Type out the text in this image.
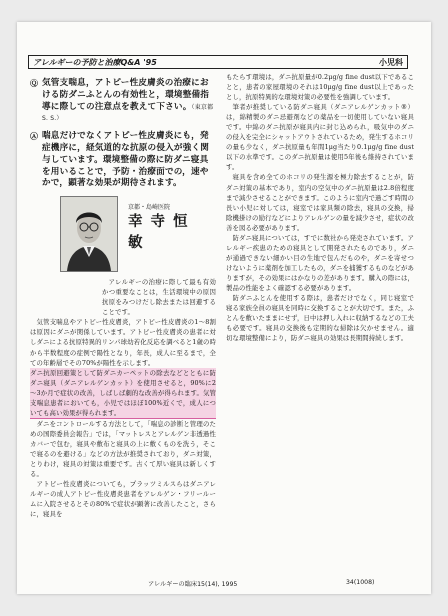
アレルギーの予防と治療Q&A '95	小児科
Ⓠ 気管支喘息，アトピー性皮膚炎の治療における防ダニふとんの有効性と，環境整備指導に際しての注意点を教えて下さい。（東京都　S. S.）
Ⓐ 喘息だけでなくアトピー性皮膚炎にも，発症機序に，経気道的な抗原の侵入が強く関与しています。環境整備の際に防ダニ寝具を用いることで，予防・治療面での，速やかで，顕著な効果が期待されます。
京都・島崎医院
幸寺恒敏

アレルギーの治療に際して最も有効かつ重要なことは，生活環境中の原因抗原をみつけだし除去または回避することです。

気管支喘息やアトピー性皮膚炎，アトピー性皮膚炎の1～8割は原因にダニが関係しています。アトピー性皮膚炎の患者に対しダニによる抗原特異的リンパ球幼若化反応を調べると1歳の時から半数程度の症例で陽性となり，年長，成人に至るまで，全ての年齢層でその70%が陽性を示します。

ダニ抗原回避策として防ダニカーペットの除去などとともに防ダニ寝具（ダニアレルゲンカット）を使用させると，90%に2～3か月で症状の改善，しばしば劇的な改善が得られます。気管支喘息患者においても，小児ではほぼ100%近くで，成人についても高い効果が得られます。

ダニをコントロールする方法として，「喘息の診断と管理のための国際委員会報告」では，「マットレスとアレルゲン非透過性カバーで包む，寝具や敷布と寝具の上に敷くものを洗う，そこで寝るのを避ける」などの方法が推奨されており，ダニ対策，とりわけ，寝具の対策は重要です。古くて厚い寝具は新しくする。

アトピー性皮膚炎についても，プラッツミルスらはダニアレルギーの成人アトピー性皮膚炎患者をアレルゲン・フリールームに入院させるとその80%で症状が顕著に改善したこと，さらに，寝具を

もたらす環境は，ダニ抗原量が0.2μg/g fine dust以下であることと，患者の家屋環境のそれは10μg/g fine dust以上であったとし，抗原特異的な環境対策の必要性を強調しています。

筆者が推奨している防ダニ寝具（ダニアレルゲンカット®）は，綿精製のダニ忌避剤などの薬品を一切使用していない寝具です。中綿のダニ抗原が寝具内に封じ込められ，吸気中のダニの侵入を完全にシャットアウトされているため，発生するホコリの量も少なく，ダニ抗原量も年間1μg当たり0.1μg/g fine dust以下の水準です。このダニ抗原量は使用5年後も維持されています。

寝具を含め全てのホコリの発生源を極力除去することが，防ダニ対策の基本であり，室内の空気中のダニ抗原量は2.8倍程度まで減少させることができます。このように室内で過ごす時間の長い小児に対しては，寝室では家具類の除去，寝具の交換，掃除機掛けの励行などによりアレルゲンの量を減少させ，症状の改善を図る必要があります。

防ダニ寝具については，すでに数社から発売されています。アレルギー疾患のための寝具として開発されたものであり，ダニが通過できない細かい目の生地で包んだものや，ダニを寄せつけないように薬剤を加工したもの，ダニを捕獲するものなどがありますが，その効果にはかなりの差があります。購入の際には，製品の性能をよく確認する必要があります。

防ダニふとんを使用する際は，患者だけでなく，同じ寝室で寝る家族全員の寝具を同時に交換することが大切です。また，ふとんを敷いたままにせず，日中は押し入れに収納するなどの工夫も必要です。寝具の交換後も定期的な掃除は欠かせません。適切な環境整備により，防ダニ寝具の効果は長期間持続します。

アレルギーの臨床15(14), 1995	34(1008)
